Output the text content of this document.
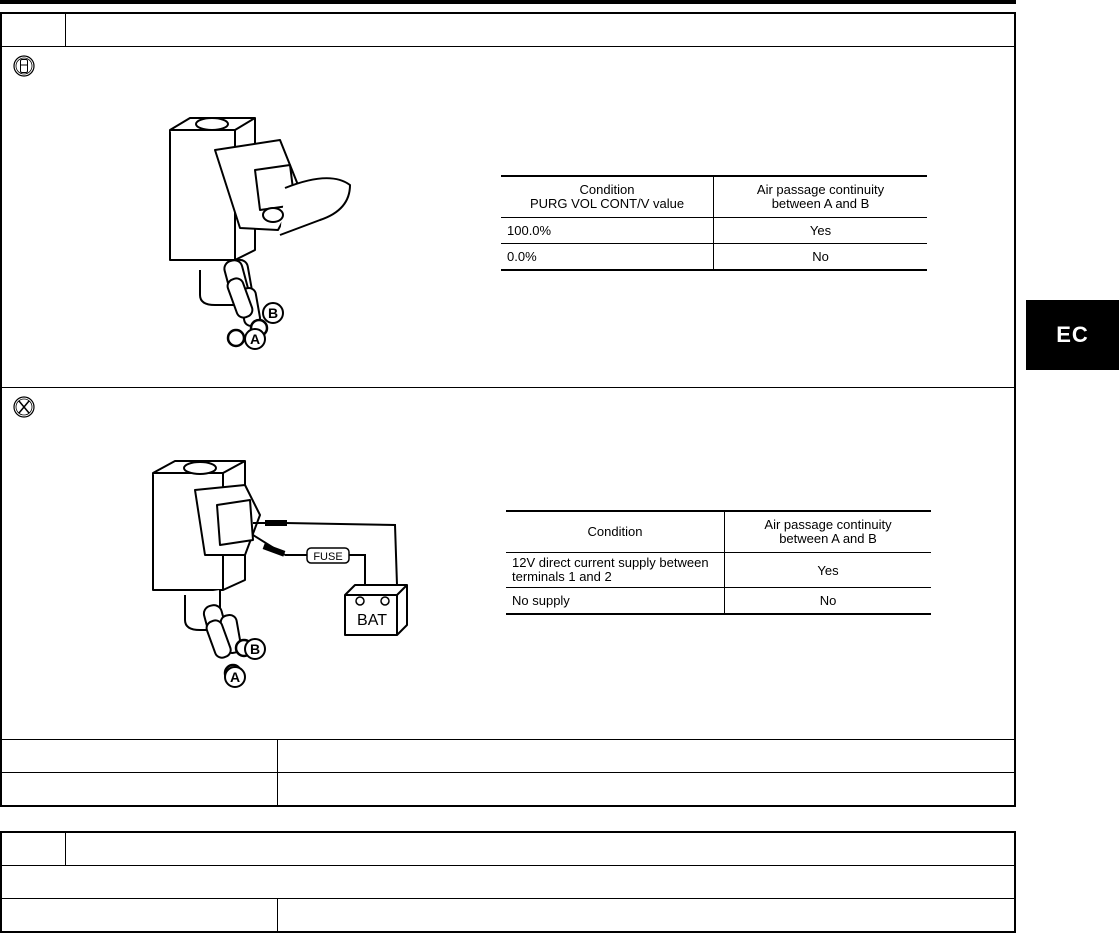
EC
B
A
Condition
PURG VOL CONT/V value	Air passage continuity
between A and B
100.0%	Yes
0.0%	No
FUSE
BAT
B
A
Condition	Air passage continuity
between A and B
12V direct current supply between
terminals 1 and 2	Yes
No supply	No
